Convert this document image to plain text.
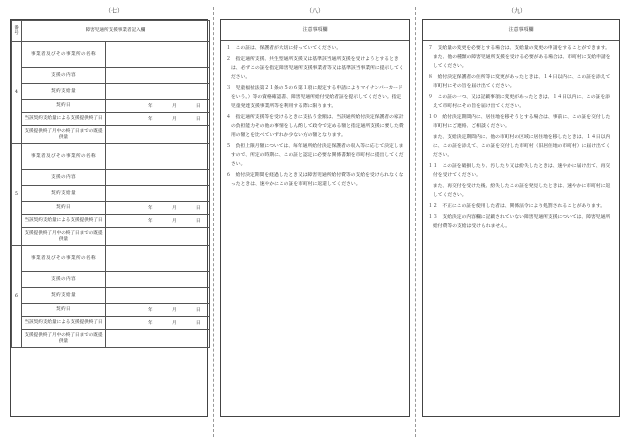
（七）	（八）	（九）
番号	障害児通所支援事業者記入欄
4	事業者及びその事業所の名称	
	支援の内容	
	契約支給量	
	契約日	年 月 日

	当該契約支給量による支援提供終了日	年 月 日

	支援提供終了月中の終了日までの既提供量	
5	事業者及びその事業所の名称	
	支援の内容	
	契約支給量	
	契約日	年 月 日

	当該契約支給量による支援提供終了日	年 月 日

	支援提供終了月中の終了日までの既提供量	
6	事業者及びその事業所の名称	
	支援の内容	
	契約支給量	
	契約日	年 月 日

	当該契約支給量による支援提供終了日	年 月 日

	支援提供終了月中の終了日までの既提供量	
注意事項欄
１　この証は、保護者が大切に持っていてください。
２　指定通所支援、共生型通所支援又は基準該当通所支援を受けようとするときは、必ずこの証を指定障害児通所支援事業者等又は基準該当事業所に提示してください。
３　児童福祉法第２１条の５の６第１項に規定する申請によりマイナンバーカードをいう。）等の資格確認書、障害児通所給付受給者証を提示してください。指定児童発達支援事業所等を利用する際に限ります。
４　指定通所支援等を受けるときに支払う金額は、当該通所給付決定保護者の家計の負担能力その他の事情をしん酌して政令で定める額と指定通所支援に要した費用の額とを比べていずれか少ない方の額となります。
５　負担上限月額については、毎年通所給付決定保護者の収入等に応じて決定しますので、所定の時期に、この証と認定に必要な関係書類を市町村に提出してください。
６　給付決定期間を経過したとき又は障害児通所給付費等の支給を受けられなくなったときは、速やかにこの証を市町村に返還してください。
注意事項欄
７　支給量の変更を必要とする場合は、支給量の変更の申請をすることができます。また、他の種類の障害児通所支援を受ける必要がある場合は、市町村に支給申請をしてください。
８　給付決定保護者の住所等に変更があったときは、１４日以内に、この証を添えて市町村にその旨を届け出てください。
９　この証の一つ、又は記載事項に変更があったときは、１４日以内に、この証を添えて市町村にその旨を届け出てください。
１０　給付決定期間内に、居住地を移そうとする場合は、事前に、この証を交付した市町村にご連絡、ご相談ください。
　また、支給決定期間内に、他の市町村の区域に居住地を移したときは、１４日以内に、この証を添えて、この証を交付した市町村（旧居住地の市町村）に届け出てください。
１１　この証を破損したり、汚したり又は紛失したときは、速やかに届け出て、再交付を受けてください。
　また、再交付を受けた後、紛失したこの証を発見したときは、速やかに市町村に返してください。
１２　不正にこの証を使用した者は、関係法令により処罰されることがあります。
１３　支給決定の内容欄に記載されていない障害児通所支援については、障害児通所給付費等の支給は受けられません。
